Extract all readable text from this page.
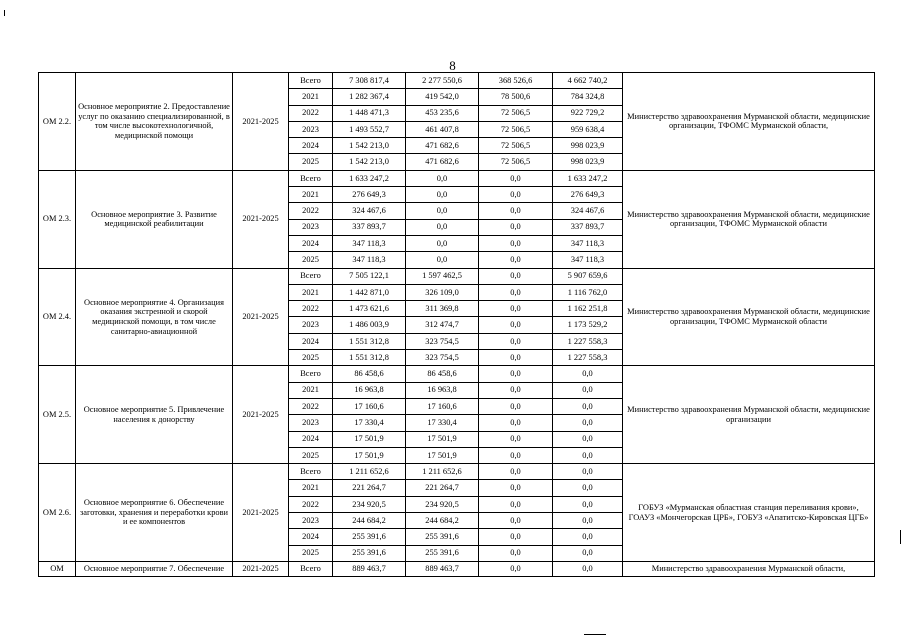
8
ОМ 2.2.	Основное мероприятие 2. Предоставление услуг по оказанию специализированной, в том числе высокотехнологичной, медицинской помощи	2021-2025	Всего	7 308 817,4	2 277 550,6	368 526,6	4 662 740,2	Министерство здравоохранения Мурманской области, медицинские организации, ТФОМС Мурманской области,
			2021	1 282 367,4	419 542,0	78 500,6	784 324,8	
			2022	1 448 471,3	453 235,6	72 506,5	922 729,2	
			2023	1 493 552,7	461 407,8	72 506,5	959 638,4	
			2024	1 542 213,0	471 682,6	72 506,5	998 023,9	
			2025	1 542 213,0	471 682,6	72 506,5	998 023,9	
ОМ 2.3.	Основное мероприятие 3. Развитие медицинской реабилитации	2021-2025	Всего	1 633 247,2	0,0	0,0	1 633 247,2	Министерство здравоохранения Мурманской области, медицинские организации, ТФОМС Мурманской области
			2021	276 649,3	0,0	0,0	276 649,3	
			2022	324 467,6	0,0	0,0	324 467,6	
			2023	337 893,7	0,0	0,0	337 893,7	
			2024	347 118,3	0,0	0,0	347 118,3	
			2025	347 118,3	0,0	0,0	347 118,3	
ОМ 2.4.	Основное мероприятие 4. Организация оказания экстренной и скорой медицинской помощи, в том числе санитарно-авиационной	2021-2025	Всего	7 505 122,1	1 597 462,5	0,0	5 907 659,6	Министерство здравоохранения Мурманской области, медицинские организации, ТФОМС Мурманской области
			2021	1 442 871,0	326 109,0	0,0	1 116 762,0	
			2022	1 473 621,6	311 369,8	0,0	1 162 251,8	
			2023	1 486 003,9	312 474,7	0,0	1 173 529,2	
			2024	1 551 312,8	323 754,5	0,0	1 227 558,3	
			2025	1 551 312,8	323 754,5	0,0	1 227 558,3	
ОМ 2.5.	Основное мероприятие 5. Привлечение населения к донорству	2021-2025	Всего	86 458,6	86 458,6	0,0	0,0	Министерство здравоохранения Мурманской области, медицинские организации
			2021	16 963,8	16 963,8	0,0	0,0	
			2022	17 160,6	17 160,6	0,0	0,0	
			2023	17 330,4	17 330,4	0,0	0,0	
			2024	17 501,9	17 501,9	0,0	0,0	
			2025	17 501,9	17 501,9	0,0	0,0	
ОМ 2.6.	Основное мероприятие 6. Обеспечение заготовки, хранения и переработки крови и ее компонентов	2021-2025	Всего	1 211 652,6	1 211 652,6	0,0	0,0	ГОБУЗ «Мурманская областная станция переливания крови», ГОАУЗ «Мончегорская ЦРБ», ГОБУЗ «Апатитско-Кировская ЦГБ»
			2021	221 264,7	221 264,7	0,0	0,0	
			2022	234 920,5	234 920,5	0,0	0,0	
			2023	244 684,2	244 684,2	0,0	0,0	
			2024	255 391,6	255 391,6	0,0	0,0	
			2025	255 391,6	255 391,6	0,0	0,0	
ОМ	Основное мероприятие 7. Обеспечение	2021-2025	Всего	889 463,7	889 463,7	0,0	0,0	Министерство здравоохранения Мурманской области,
